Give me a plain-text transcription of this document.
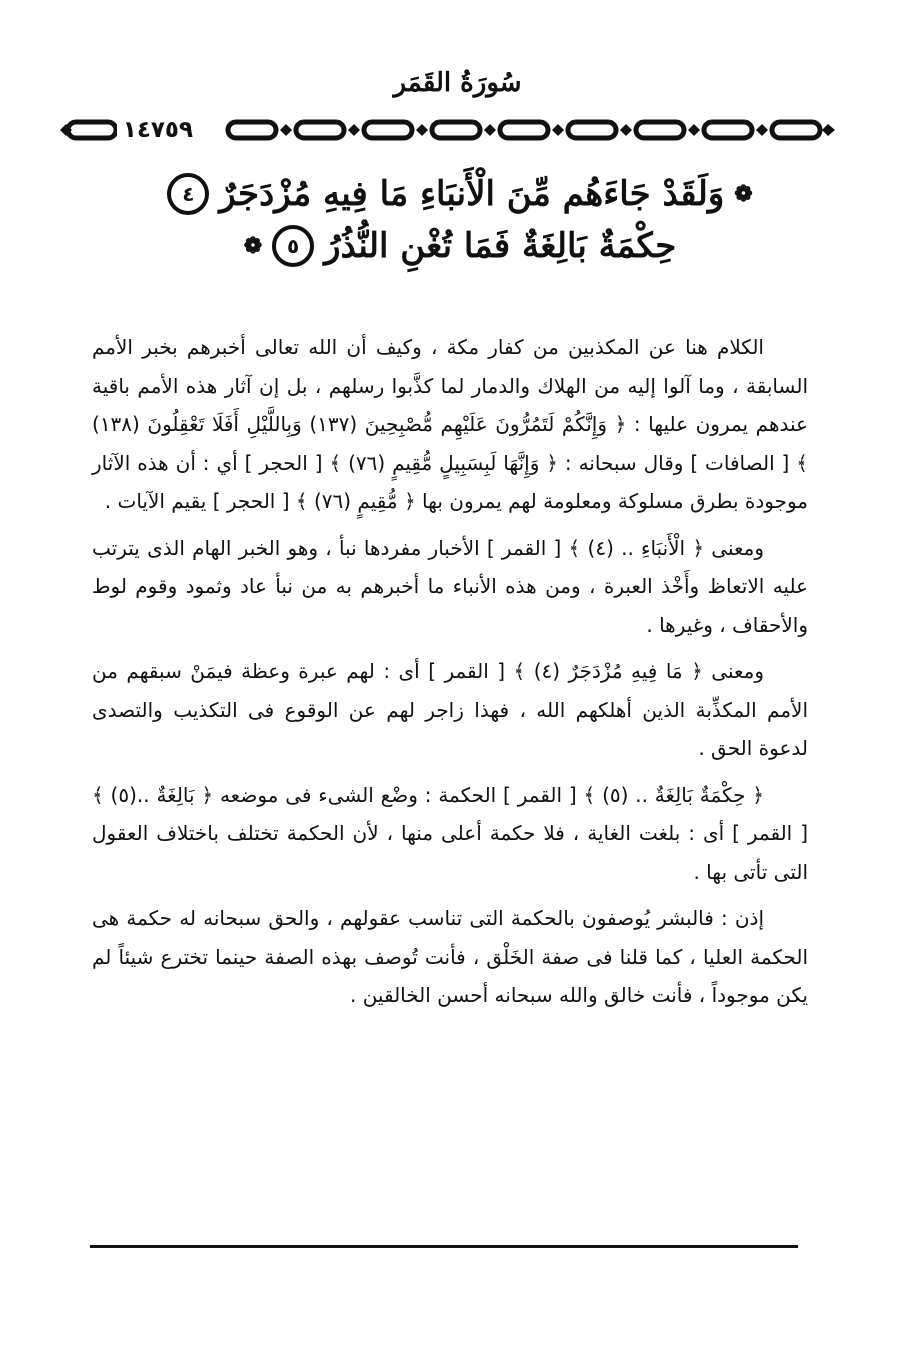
سُورَةُ القَمَر
١٤٧٥٩
❁
وَلَقَدْ جَاءَهُم مِّنَ الْأَنبَاءِ مَا فِيهِ مُزْدَجَرٌ
٤
حِكْمَةٌ بَالِغَةٌ فَمَا تُغْنِ النُّذُرُ
٥
❁

الكلام هنا عن المكذبين من كفار مكة ، وكيف أن الله تعالى أخبرهم بخبر الأمم السابقة ، وما آلوا إليه من الهلاك والدمار لما كذَّبوا رسلهم ، بل إن آثار هذه الأمم باقية عندهم يمرون عليها : ﴿ وَإِنَّكُمْ لَتَمُرُّونَ عَلَيْهِم مُّصْبِحِينَ (١٣٧) وَبِاللَّيْلِ أَفَلَا تَعْقِلُونَ (١٣٨) ﴾ [ الصافات ] وقال سبحانه : ﴿ وَإِنَّهَا لَبِسَبِيلٍ مُّقِيمٍ (٧٦) ﴾ [ الحجر ] أي : أن هذه الآثار موجودة بطرق مسلوكة ومعلومة لهم يمرون بها ﴿ مُّقِيمٍ (٧٦) ﴾ [ الحجر ] يقيم الآيات .

ومعنى ﴿ الْأَنبَاءِ .. (٤) ﴾ [ القمر ] الأخبار مفردها نبأ ، وهو الخبر الهام الذى يترتب عليه الاتعاظ وأَخْذ العبرة ، ومن هذه الأنباء ما أخبرهم به من نبأ عاد وثمود وقوم لوط والأحقاف ، وغيرها .

ومعنى ﴿ مَا فِيهِ مُزْدَجَرٌ (٤) ﴾ [ القمر ] أى : لهم عبرة وعظة فيمَنْ سبقهم من الأمم المكذِّبة الذين أهلكهم الله ، فهذا زاجر لهم عن الوقوع فى التكذيب والتصدى لدعوة الحق .

﴿ حِكْمَةٌ بَالِغَةٌ .. (٥) ﴾ [ القمر ] الحكمة : وضْع الشىء فى موضعه ﴿ بَالِغَةٌ ..(٥) ﴾ [ القمر ] أى : بلغت الغاية ، فلا حكمة أعلى منها ، لأن الحكمة تختلف باختلاف العقول التى تأتى بها .

إذن : فالبشر يُوصفون بالحكمة التى تناسب عقولهم ، والحق سبحانه له حكمة هى الحكمة العليا ، كما قلنا فى صفة الخَلْق ، فأنت تُوصف بهذه الصفة حينما تخترع شيئاً لم يكن موجوداً ، فأنت خالق والله سبحانه أحسن الخالقين .
